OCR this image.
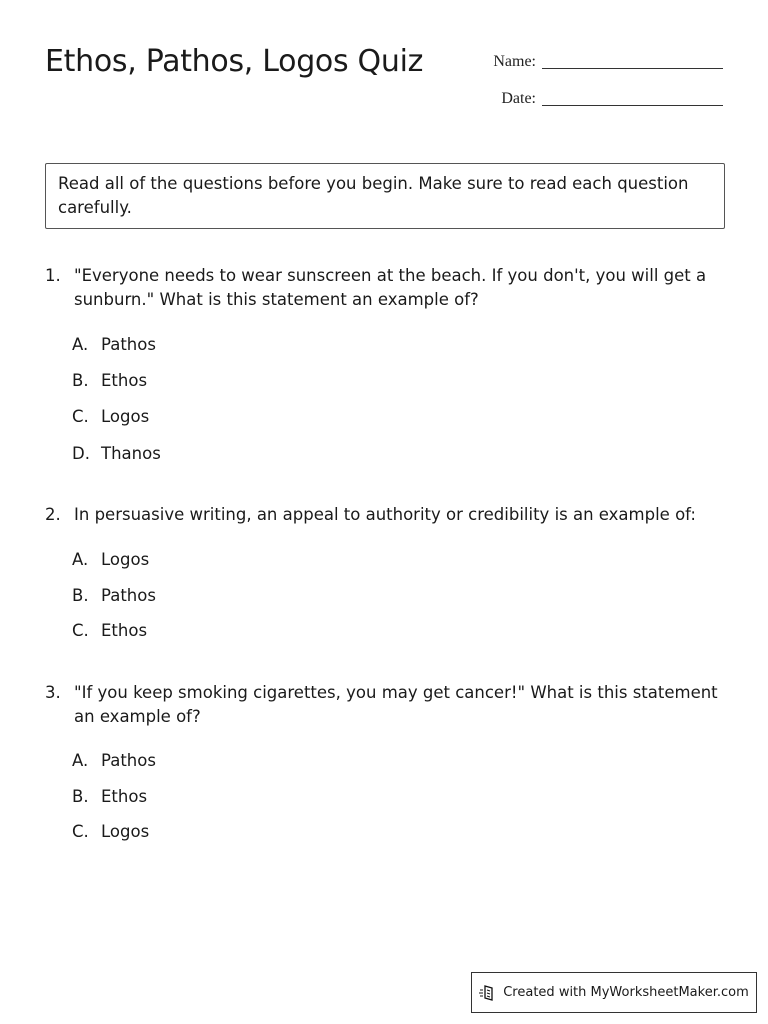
Ethos, Pathos, Logos Quiz	Name:
Date:
Read all of the questions before you begin. Make sure to read each question carefully.
1. "Everyone needs to wear sunscreen at the beach. If you don't, you will get a sunburn." What is this statement an example of?
A. Pathos
B. Ethos
C. Logos
D. Thanos
2. In persuasive writing, an appeal to authority or credibility is an example of:
A. Logos
B. Pathos
C. Ethos
3. "If you keep smoking cigarettes, you may get cancer!" What is this statement an example of?
A. Pathos
B. Ethos
C. Logos
Created with MyWorksheetMaker.com
